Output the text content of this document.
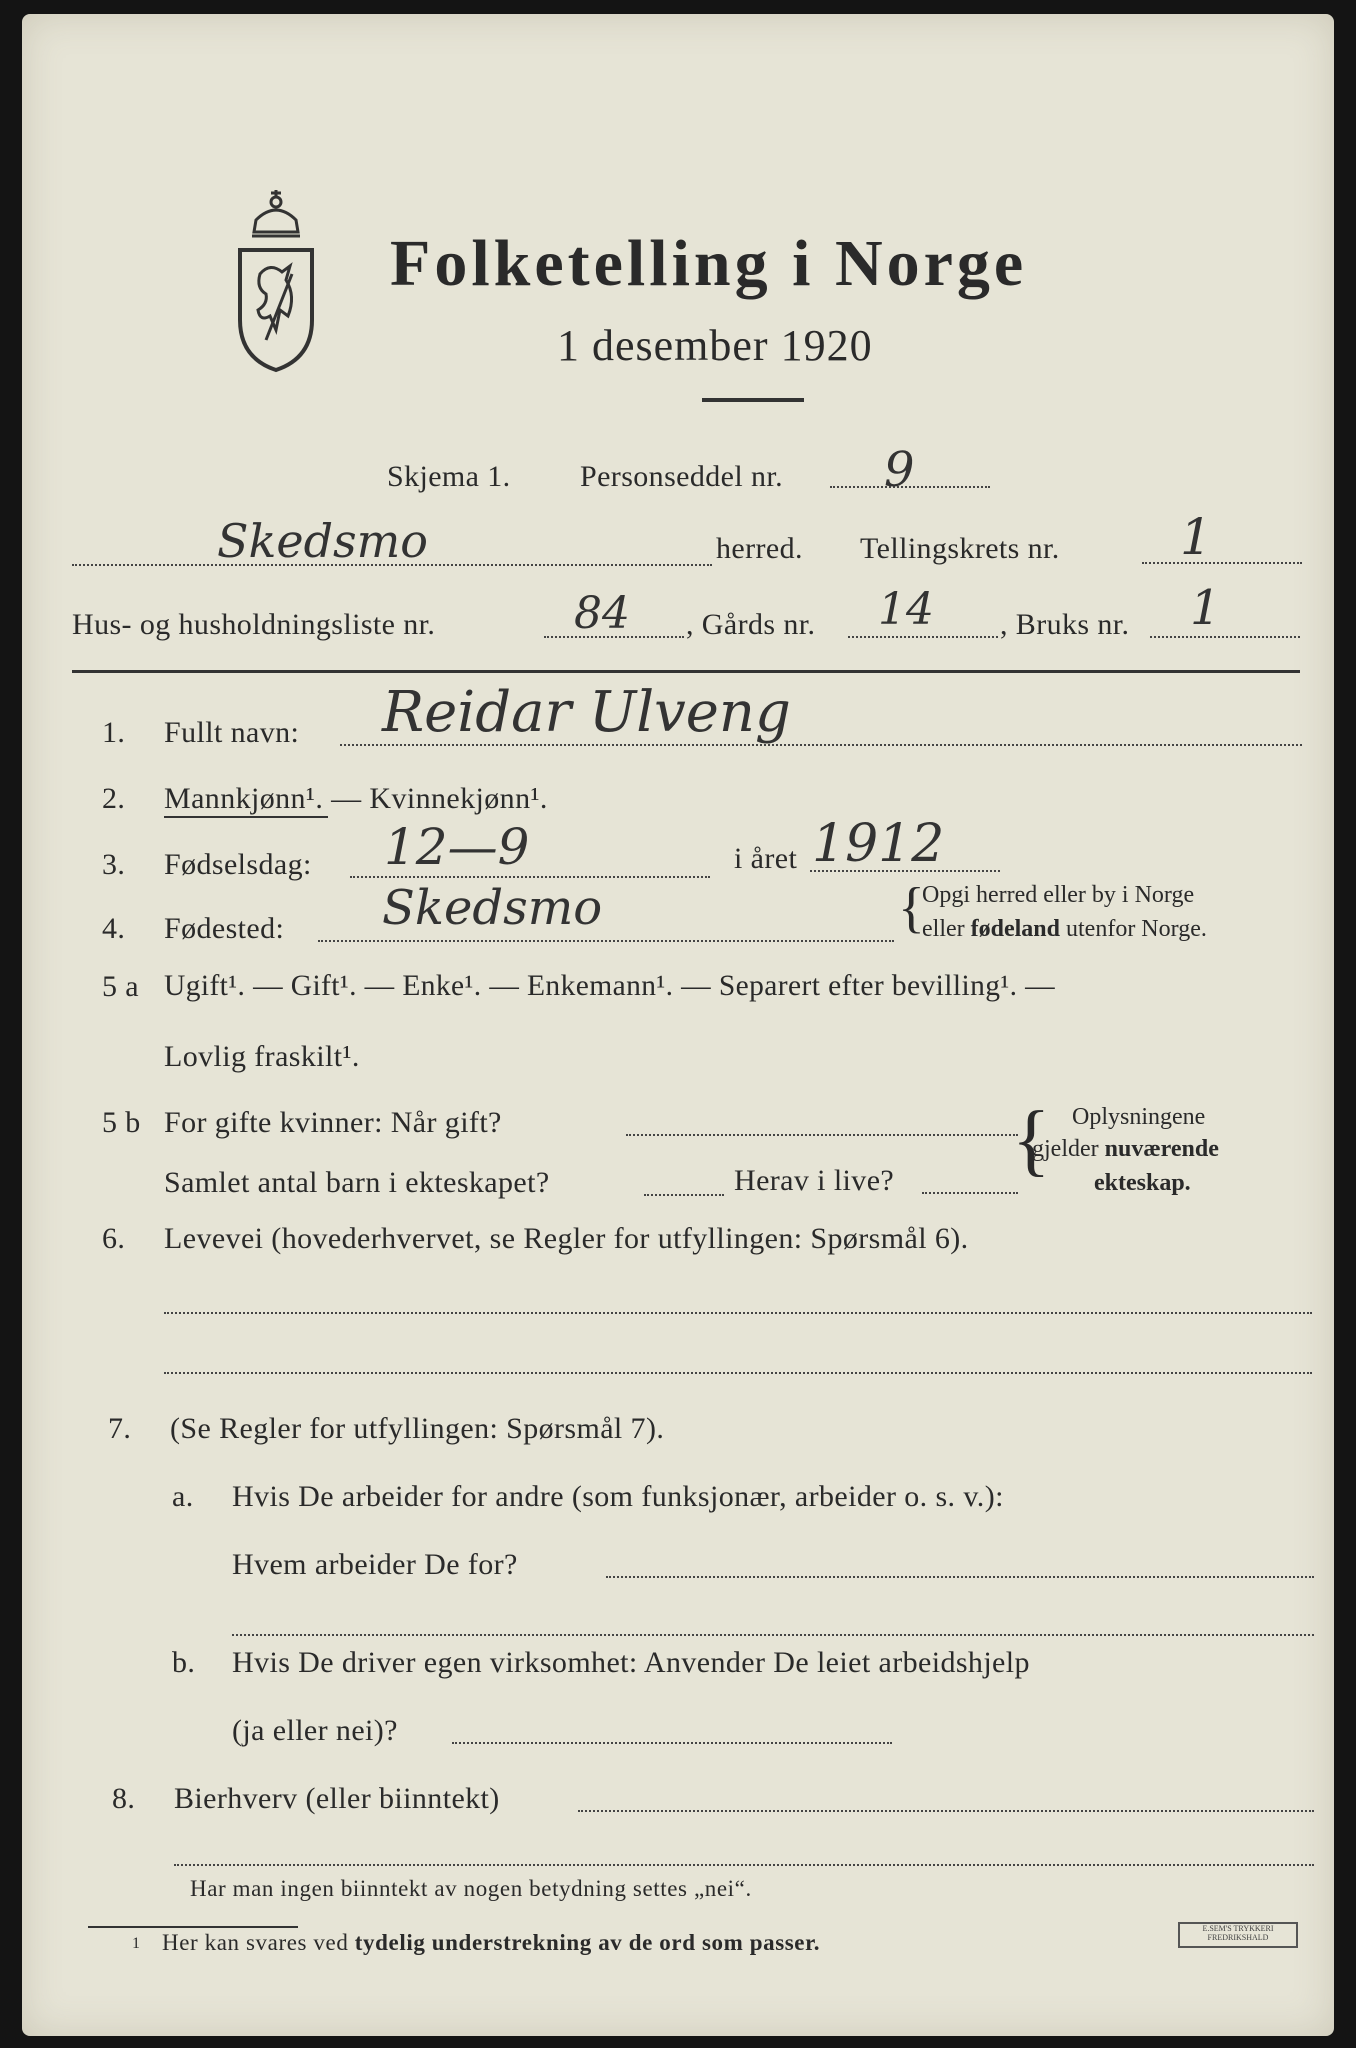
Folketelling i Norge
1 desember 1920
Skjema 1. Personseddel nr. 9
Skedsmo	herred. Tellingskrets nr. 1
Hus- og husholdningsliste nr.	84 , Gårds nr. 14 , Bruks nr. 1
1. Fullt navn: Reidar Ulveng
2. Mannkjønn¹. — Kvinnekjønn¹.
3. Fødselsdag: 12—9	i året 1912
4. Fødested: Skedsmo	{
Opgi herred eller by i Norge
eller fødeland utenfor Norge.
5 a Ugift¹. — Gift¹. — Enke¹. — Enkemann¹. — Separert efter bevilling¹. —
Lovlig fraskilt¹.
5 b For gifte kvinner: Når gift?
Samlet antal barn i ekteskapet?	Herav i live? { Oplysningene
gjelder nuværende
ekteskap.
6. Levevei (hovederhvervet, se Regler for utfyllingen: Spørsmål 6).
7. (Se Regler for utfyllingen: Spørsmål 7).
a. Hvis De arbeider for andre (som funksjonær, arbeider o. s. v.):
Hvem arbeider De for?
b. Hvis De driver egen virksomhet: Anvender De leiet arbeidshjelp
(ja eller nei)?
8. Bierhverv (eller biinntekt)
Har man ingen biinntekt av nogen betydning settes „nei“.
1 Her kan svares ved tydelig understrekning av de ord som passer.
E.SEM'S TRYKKERI
FREDRIKSHALD
